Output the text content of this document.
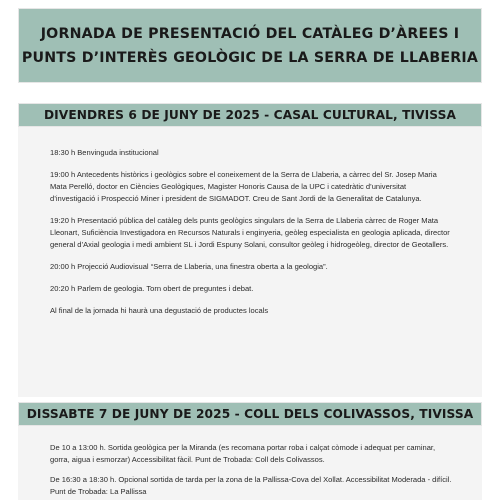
JORNADA DE PRESENTACIÓ DEL CATÀLEG D’ÀREES I
PUNTS D’INTERÈS GEOLÒGIC DE LA SERRA DE LLABERIA
DIVENDRES 6 DE JUNY DE 2025 - CASAL CULTURAL, TIVISSA

18:30 h Benvinguda institucional

19:00 h Antecedents històrics i geològics sobre el coneixement de la Serra de Llaberia, a càrrec del Sr. Josep Maria Mata Perelló, doctor en Ciències Geològiques, Magister Honoris Causa de la UPC i catedràtic d’universitat d’investigació i Prospecció Miner i president de SIGMADOT. Creu de Sant Jordi de la Generalitat de Catalunya.

19:20 h Presentació pública del catàleg dels punts geològics singulars de la Serra de Llaberia càrrec de Roger Mata Lleonart, Suficiència Investigadora en Recursos Naturals i enginyeria, geòleg especialista en geologia aplicada, director general d’Axial geologia i medi ambient SL i Jordi Espuny Solani, consultor geòleg i hidrogeòleg, director de Geotallers.

20:00 h Projecció Audiovisual “Serra de Llaberia, una finestra oberta a la geologia”.

20:20 h Parlem de geologia. Torn obert de preguntes i debat.

Al final de la jornada hi haurà una degustació de productes locals

DISSABTE 7 DE JUNY DE 2025 - COLL DELS COLIVASSOS, TIVISSA

De 10 a 13:00 h. Sortida geològica per la Miranda (es recomana portar roba i calçat còmode i adequat per caminar, gorra, aigua i esmorzar) Accessibilitat fàcil. Punt de Trobada: Coll dels Colivassos.

De 16:30 a 18:30 h. Opcional sortida de tarda per la zona de la Pallissa-Cova del Xollat. Accessibilitat Moderada - difícil. Punt de Trobada: La Pallissa
